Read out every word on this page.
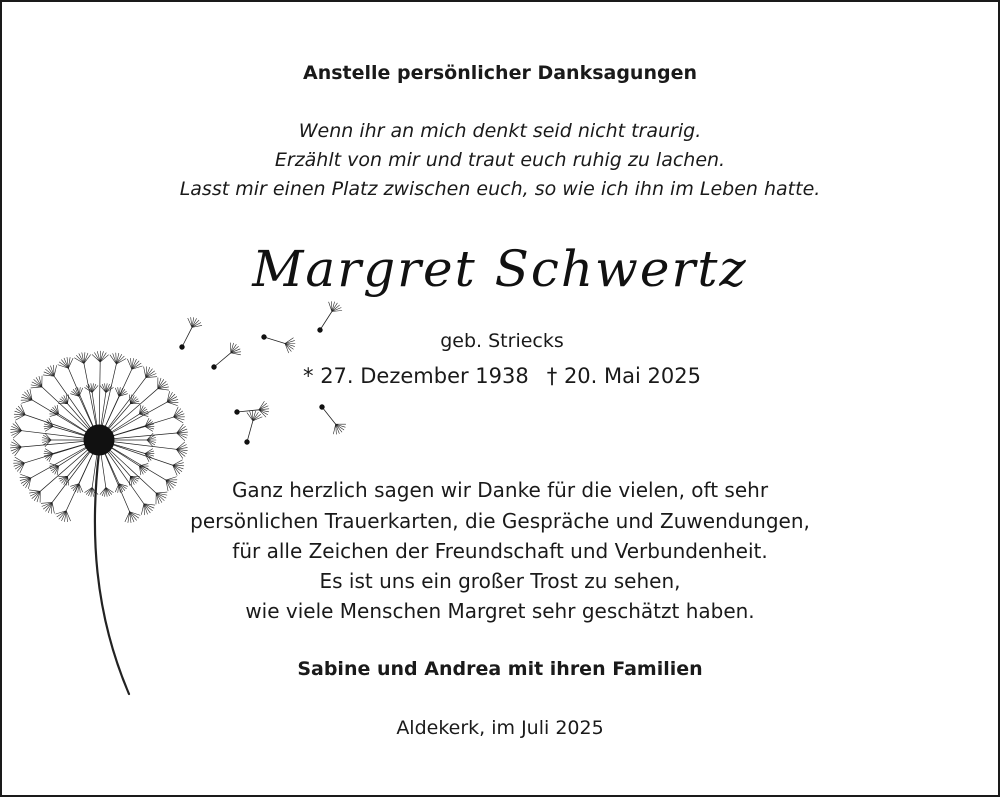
Anstelle persönlicher Danksagungen
Wenn ihr an mich denkt seid nicht traurig.
Erzählt von mir und traut euch ruhig zu lachen.
Lasst mir einen Platz zwischen euch, so wie ich ihn im Leben hatte.
Margret Schwertz
geb. Striecks
* 27. Dezember 1938 † 20. Mai 2025
Ganz herzlich sagen wir Danke für die vielen, oft sehr
persönlichen Trauerkarten, die Gespräche und Zuwendungen,
für alle Zeichen der Freundschaft und Verbundenheit.
Es ist uns ein großer Trost zu sehen,
wie viele Menschen Margret sehr geschätzt haben.
Sabine und Andrea mit ihren Familien
Aldekerk, im Juli 2025
